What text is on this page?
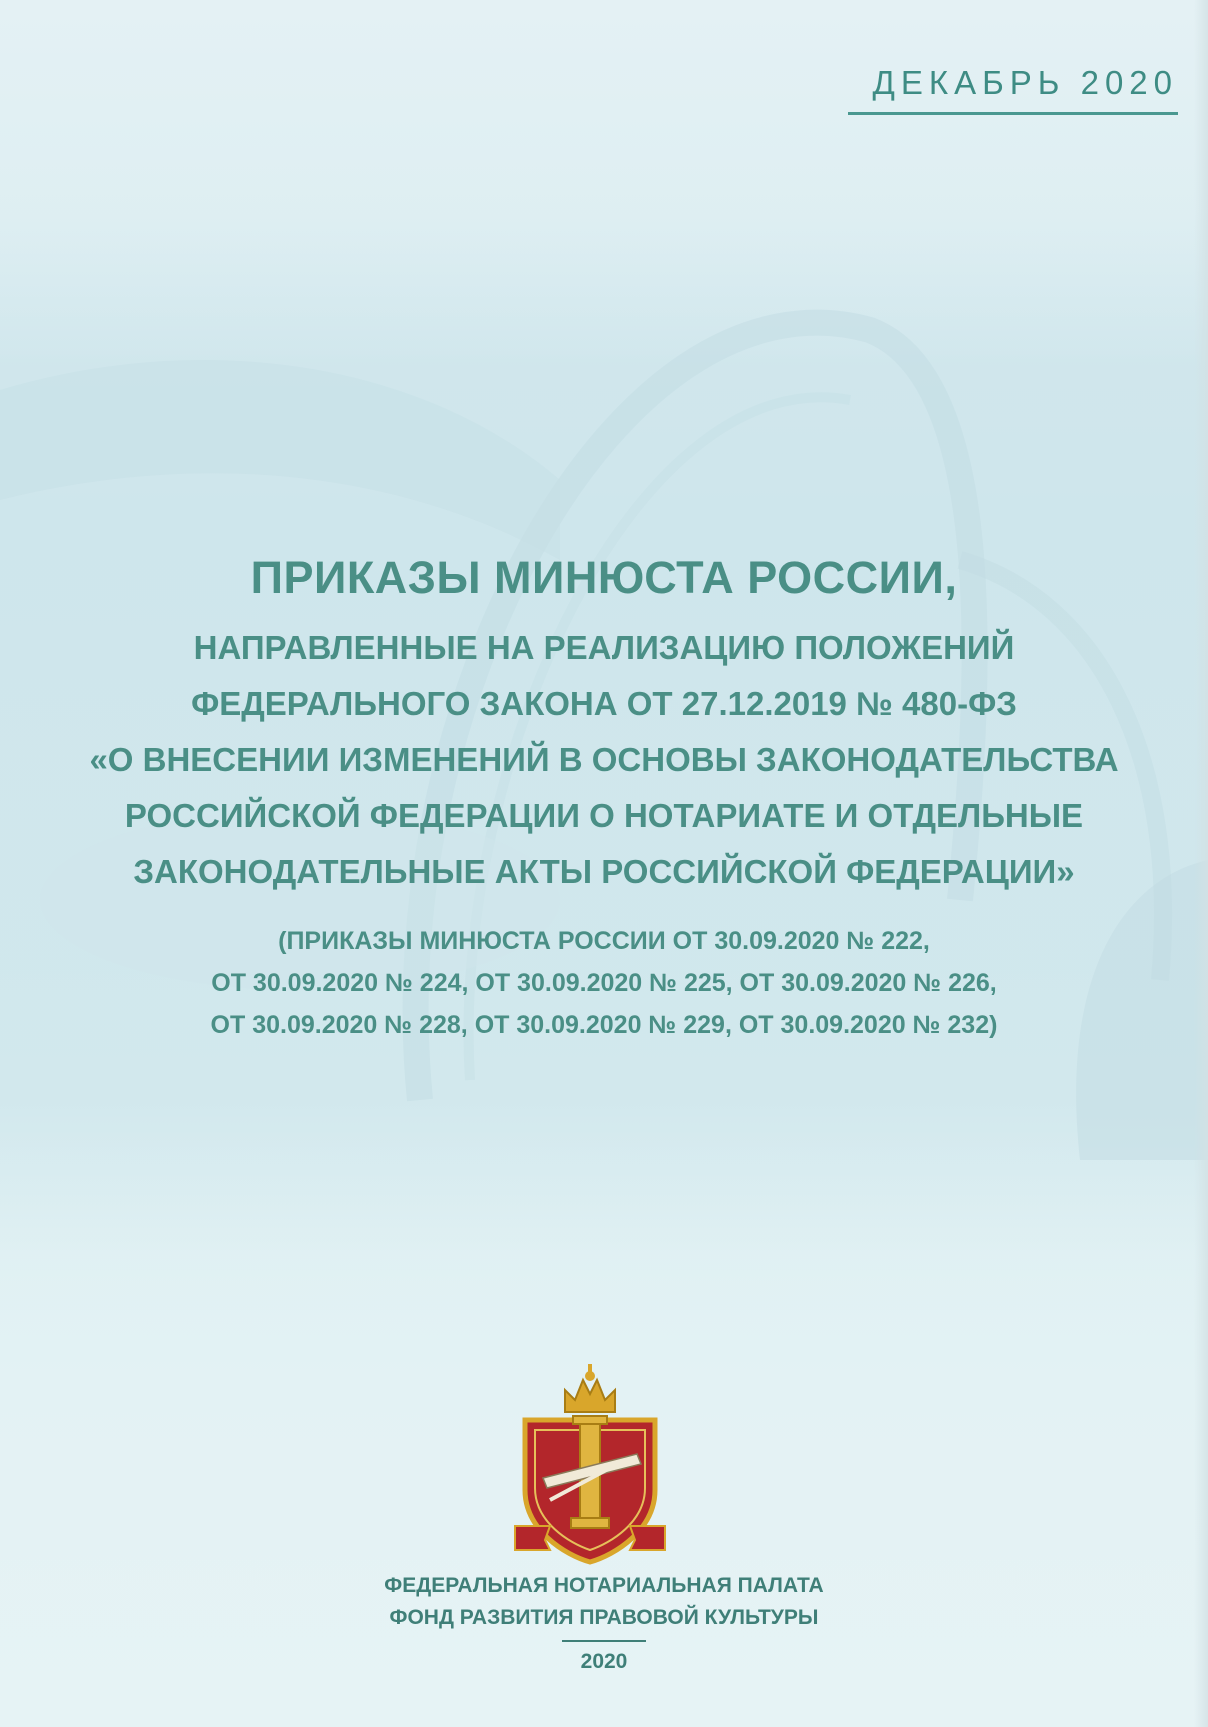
ДЕКАБРЬ 2020

ПРИКАЗЫ МИНЮСТА РОССИИ,

НАПРАВЛЕННЫЕ НА РЕАЛИЗАЦИЮ ПОЛОЖЕНИЙ

ФЕДЕРАЛЬНОГО ЗАКОНА ОТ 27.12.2019 № 480-ФЗ

«О ВНЕСЕНИИ ИЗМЕНЕНИЙ В ОСНОВЫ ЗАКОНОДАТЕЛЬСТВА

РОССИЙСКОЙ ФЕДЕРАЦИИ О НОТАРИАТЕ И ОТДЕЛЬНЫЕ

ЗАКОНОДАТЕЛЬНЫЕ АКТЫ РОССИЙСКОЙ ФЕДЕРАЦИИ»

(ПРИКАЗЫ МИНЮСТА РОССИИ ОТ 30.09.2020 № 222,

ОТ 30.09.2020 № 224, ОТ 30.09.2020 № 225, ОТ 30.09.2020 № 226,

ОТ 30.09.2020 № 228, ОТ 30.09.2020 № 229, ОТ 30.09.2020 № 232)

ФЕДЕРАЛЬНАЯ НОТАРИАЛЬНАЯ ПАЛАТА

ФОНД РАЗВИТИЯ ПРАВОВОЙ КУЛЬТУРЫ

2020
